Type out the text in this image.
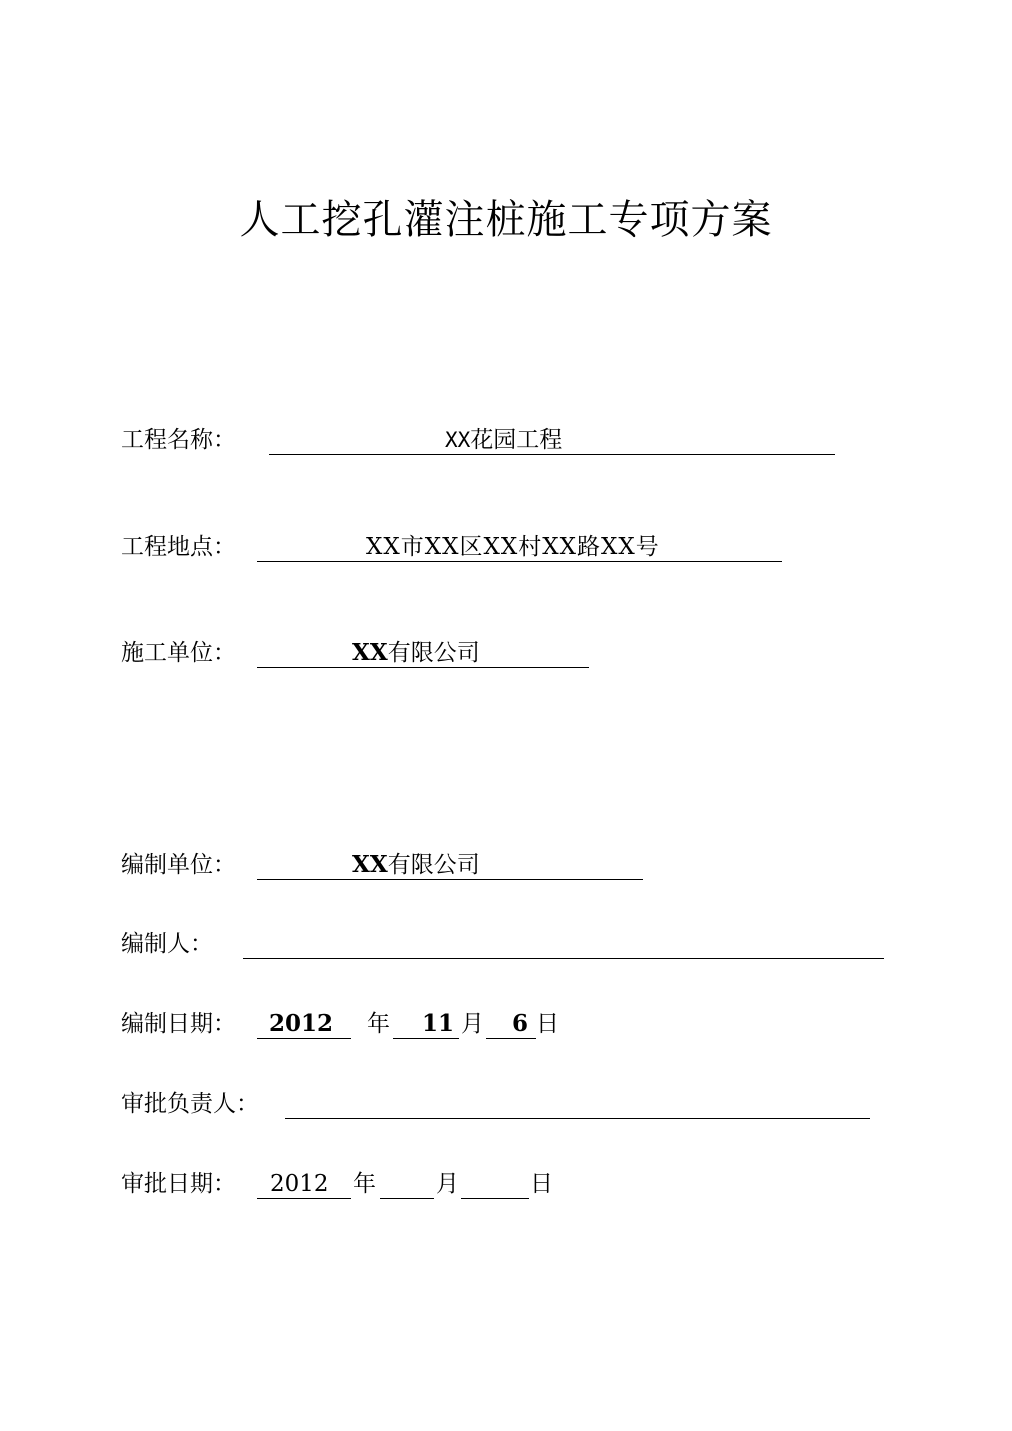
人工挖孔灌注桩施工专项方案
工程名称：	XX花园工程
工程地点：	XX市XX区XX村XX路XX号
施工单位：	XX有限公司
编制单位：	XX有限公司
编制人：
编制日期： 2012 年 11 月 6 日
审批负责人：
审批日期： 2012 年	月	日
